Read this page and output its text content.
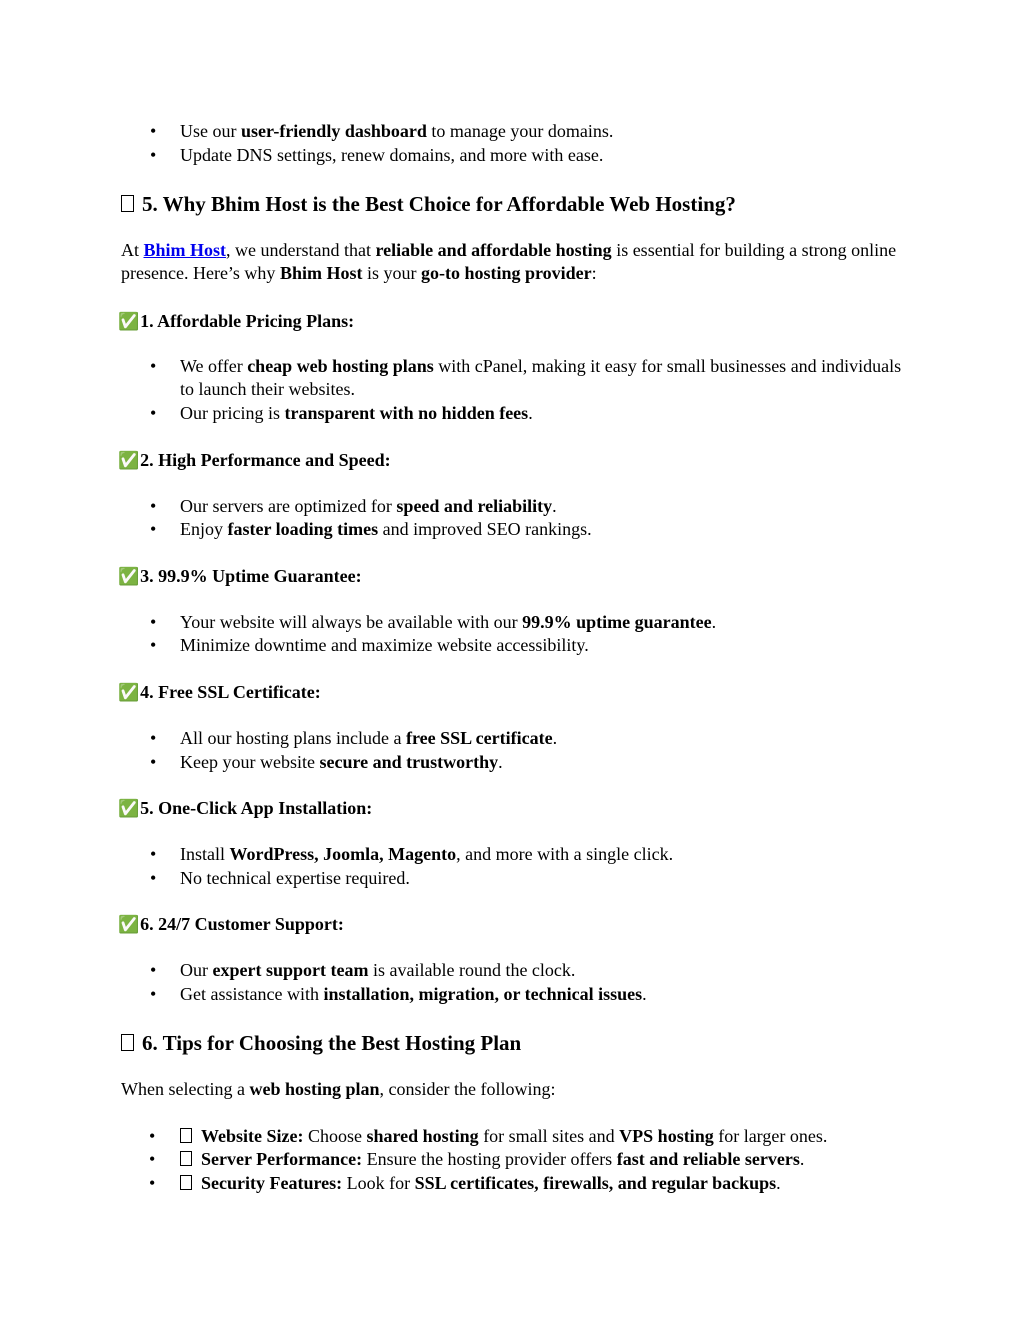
• Use our user-friendly dashboard to manage your domains.

• Update DNS settings, renew domains, and more with ease.

5. Why Bhim Host is the Best Choice for Affordable Web Hosting?

At Bhim Host, we understand that reliable and affordable hosting is essential for building a strong online presence. Here’s why Bhim Host is your go-to hosting provider:

✅1. Affordable Pricing Plans:

• We offer cheap web hosting plans with cPanel, making it easy for small businesses and individuals to launch their websites.

• Our pricing is transparent with no hidden fees.

✅2. High Performance and Speed:

• Our servers are optimized for speed and reliability.

• Enjoy faster loading times and improved SEO rankings.

✅3. 99.9% Uptime Guarantee:

• Your website will always be available with our 99.9% uptime guarantee.

• Minimize downtime and maximize website accessibility.

✅4. Free SSL Certificate:

• All our hosting plans include a free SSL certificate.

• Keep your website secure and trustworthy.

✅5. One-Click App Installation:

• Install WordPress, Joomla, Magento, and more with a single click.

• No technical expertise required.

✅6. 24/7 Customer Support:

• Our expert support team is available round the clock.

• Get assistance with installation, migration, or technical issues.

6. Tips for Choosing the Best Hosting Plan

When selecting a web hosting plan, consider the following:

• Website Size: Choose shared hosting for small sites and VPS hosting for larger ones.

• Server Performance: Ensure the hosting provider offers fast and reliable servers.

• Security Features: Look for SSL certificates, firewalls, and regular backups.
